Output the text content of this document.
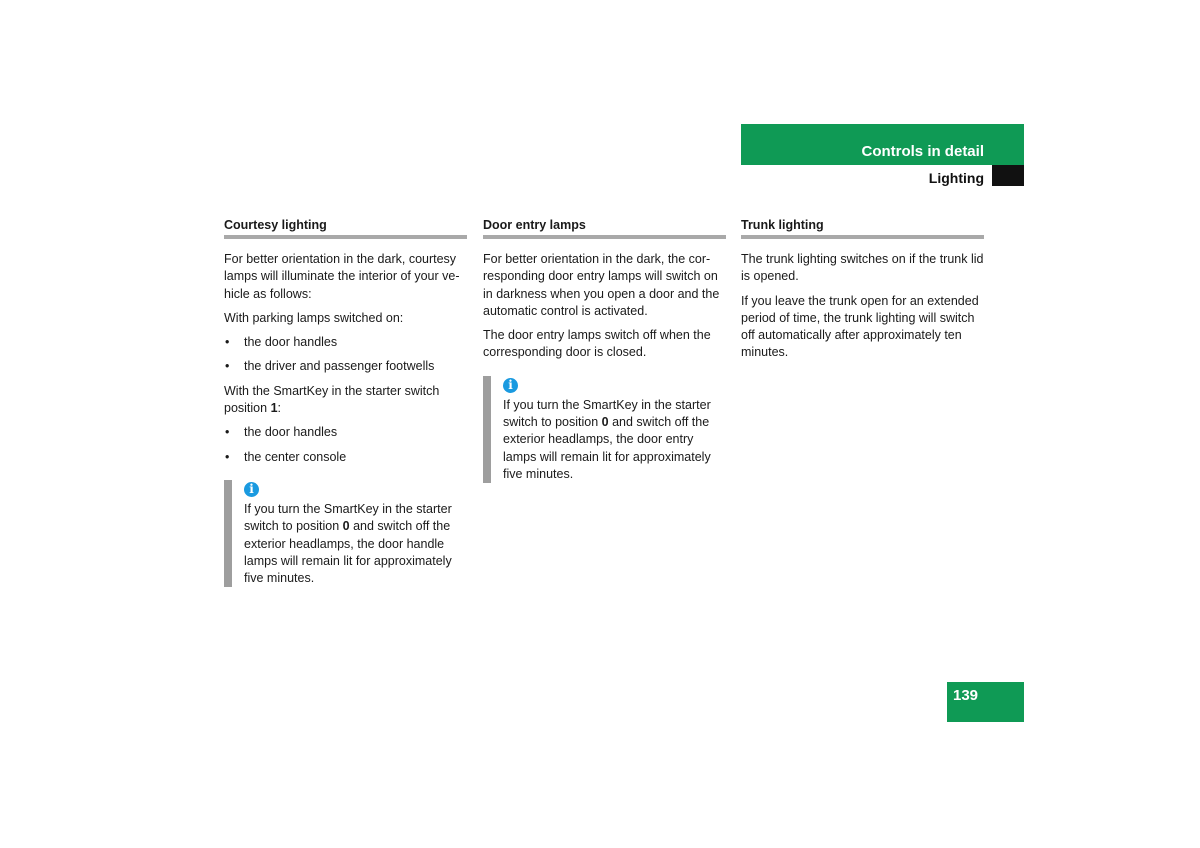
Controls in detail
Lighting
Courtesy lighting

For better orientation in the dark, courtesy lamps will illuminate the interior of your ve-hicle as follows:

With parking lamps switched on:

• the door handles
• the driver and passenger footwells

With the SmartKey in the starter switch position 1:

• the door handles
• the center console
i

If you turn the SmartKey in the starter switch to position 0 and switch off the exterior headlamps, the door handle lamps will remain lit for approximately five minutes.

Door entry lamps

For better orientation in the dark, the cor-responding door entry lamps will switch on in darkness when you open a door and the automatic control is activated.

The door entry lamps switch off when the corresponding door is closed.

i

If you turn the SmartKey in the starter switch to position 0 and switch off the exterior headlamps, the door entry lamps will remain lit for approximately five minutes.

Trunk lighting

The trunk lighting switches on if the trunk lid is opened.

If you leave the trunk open for an extended period of time, the trunk lighting will switch off automatically after approximately ten minutes.

139
